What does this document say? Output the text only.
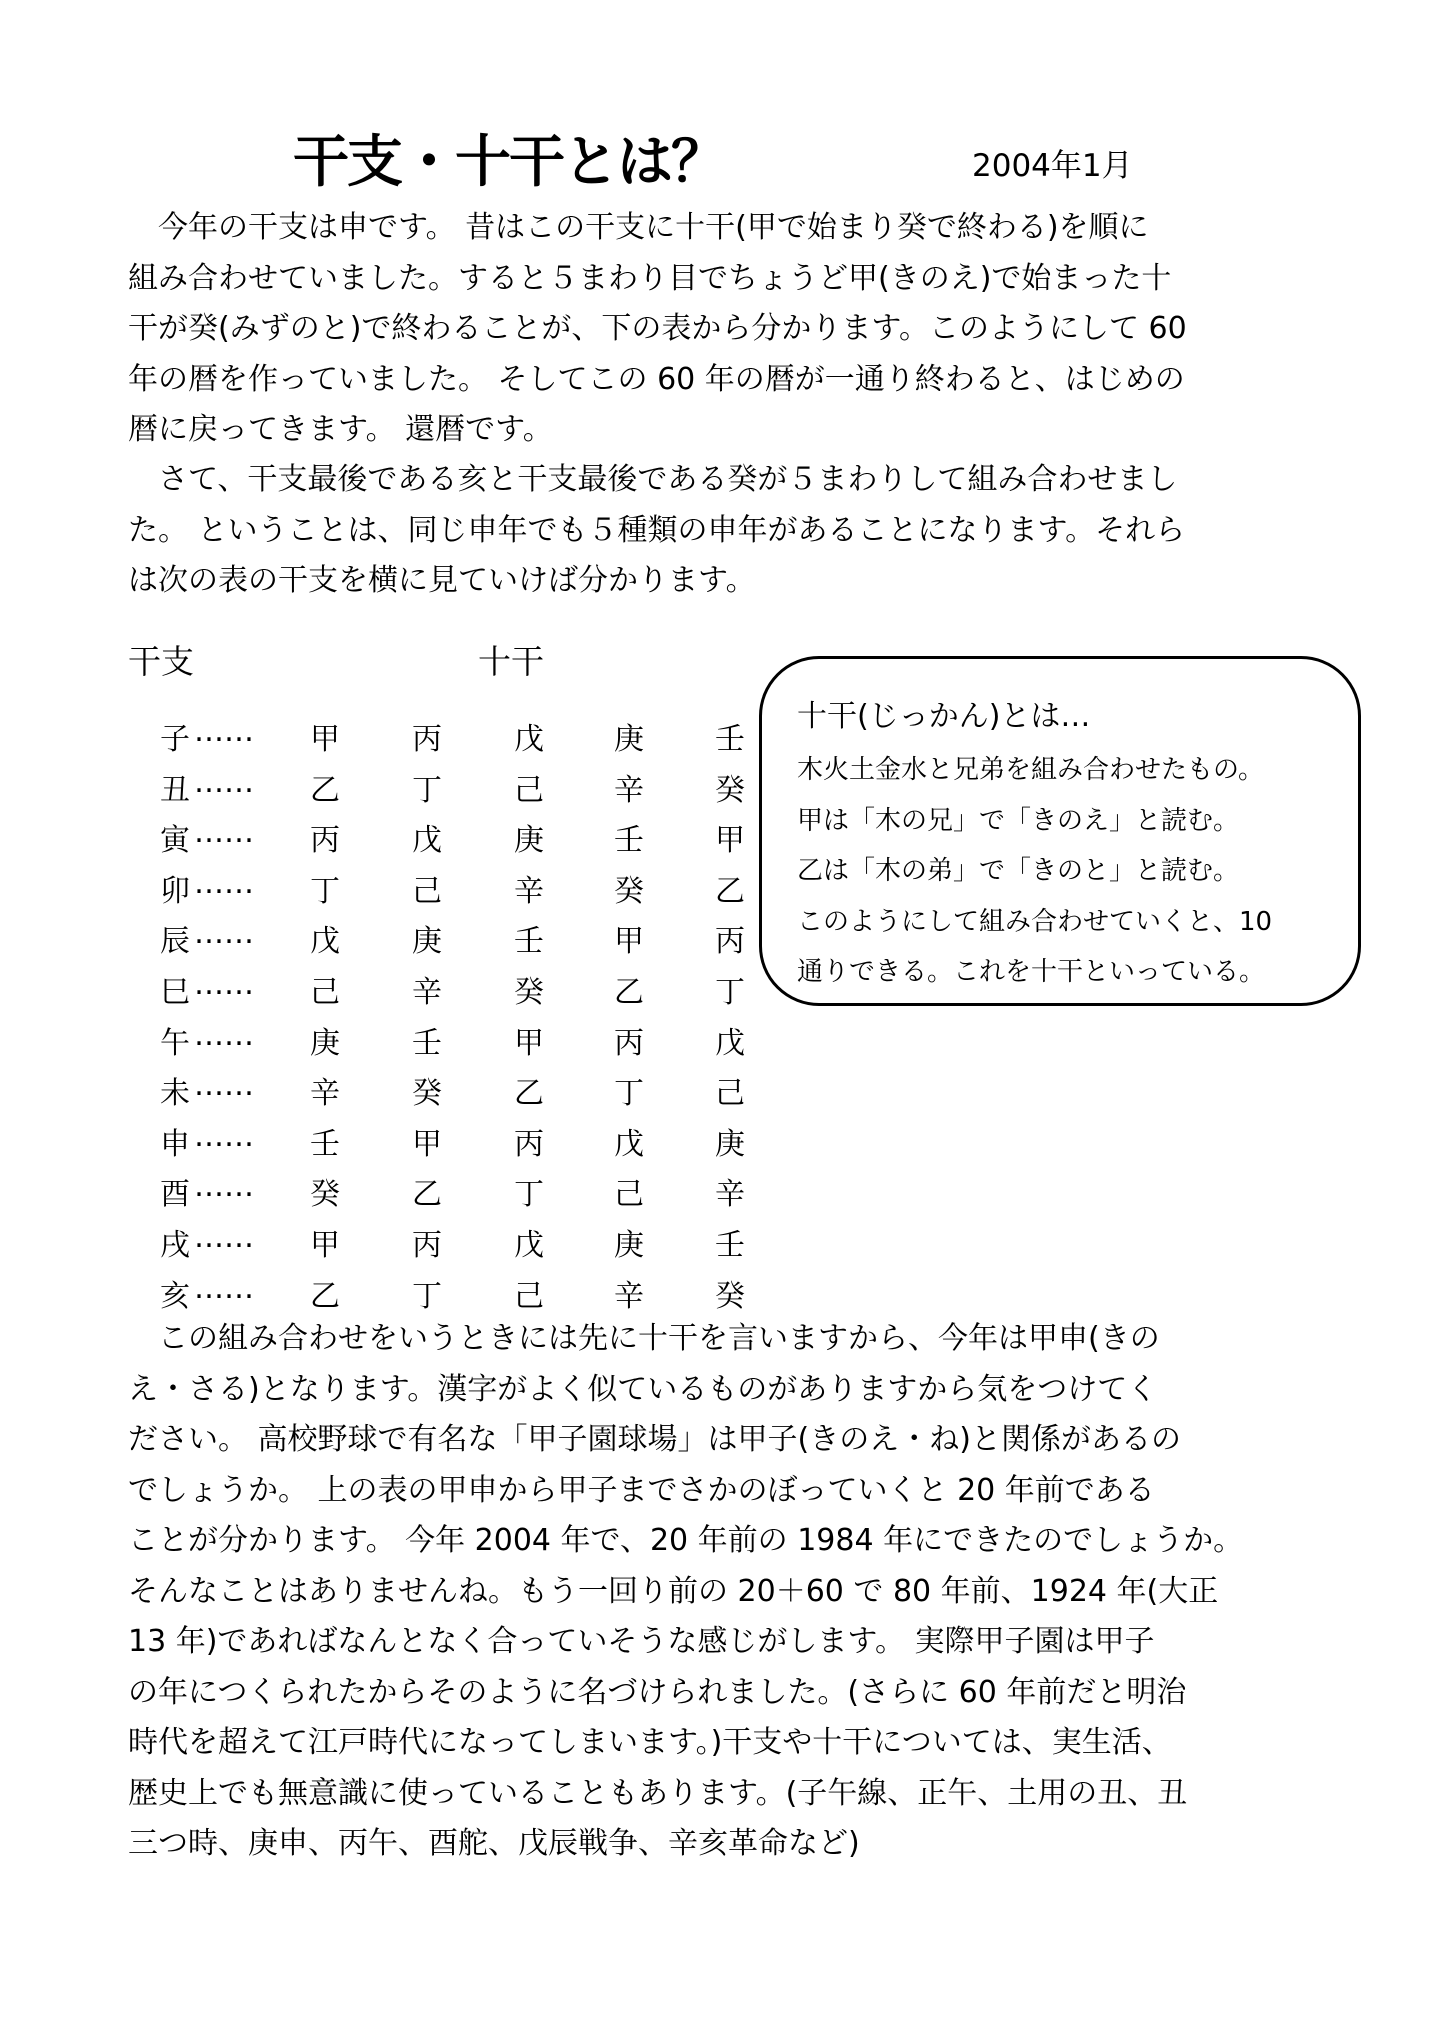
干支・十干とは？	2004年1月
　今年の干支は申です。 昔はこの干支に十干(甲で始まり癸で終わる)を順に
組み合わせていました。すると５まわり目でちょうど甲(きのえ)で始まった十
干が癸(みずのと)で終わることが、下の表から分かります。このようにして 60
年の暦を作っていました。 そしてこの 60 年の暦が一通り終わると、はじめの
暦に戻ってきます。 還暦です。
　さて、干支最後である亥と干支最後である癸が５まわりして組み合わせまし
た。 ということは、同じ申年でも５種類の申年があることになります。それら
は次の表の干支を横に見ていけば分かります。
干支	十干
子 …… 甲 丙 戊 庚 壬
丑 …… 乙 丁 己 辛 癸
寅 …… 丙 戊 庚 壬 甲
卯 …… 丁 己 辛 癸 乙
辰 …… 戊 庚 壬 甲 丙
巳 …… 己 辛 癸 乙 丁
午 …… 庚 壬 甲 丙 戊
未 …… 辛 癸 乙 丁 己
申 …… 壬 甲 丙 戊 庚
酉 …… 癸 乙 丁 己 辛
戌 …… 甲 丙 戊 庚 壬
亥 …… 乙 丁 己 辛 癸
十干(じっかん)とは…
木火土金水と兄弟を組み合わせたもの。
甲は「木の兄」で「きのえ」と読む。
乙は「木の弟」で「きのと」と読む。
このようにして組み合わせていくと、10
通りできる。これを十干といっている。
　この組み合わせをいうときには先に十干を言いますから、今年は甲申(きの
え・さる)となります。漢字がよく似ているものがありますから気をつけてく
ださい。 高校野球で有名な「甲子園球場」は甲子(きのえ・ね)と関係があるの
でしょうか。 上の表の甲申から甲子までさかのぼっていくと 20 年前である
ことが分かります。 今年 2004 年で、20 年前の 1984 年にできたのでしょうか。
そんなことはありませんね。もう一回り前の 20＋60 で 80 年前、1924 年(大正
13 年)であればなんとなく合っていそうな感じがします。 実際甲子園は甲子
の年につくられたからそのように名づけられました。(さらに 60 年前だと明治
時代を超えて江戸時代になってしまいます。)干支や十干については、実生活、
歴史上でも無意識に使っていることもあります。(子午線、正午、土用の丑、丑
三つ時、庚申、丙午、酉舵、戊辰戦争、辛亥革命など)
